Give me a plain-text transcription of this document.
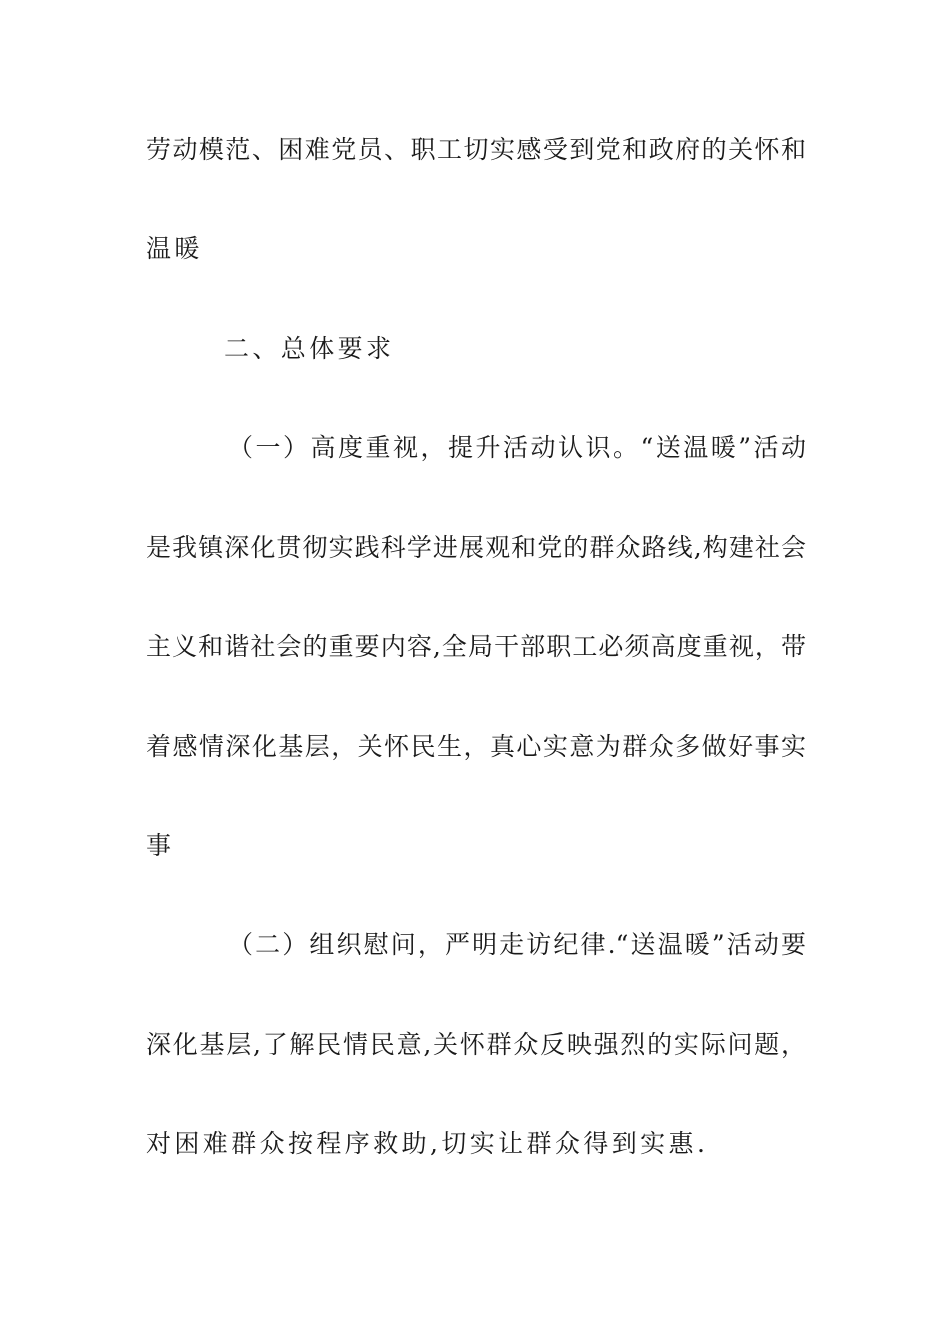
劳动模范、困难党员、职工切实感受到党和政府的关怀和
温暖
二、总体要求
（一）高度重视，提升活动认识。“送温暖”活动
是我镇深化贯彻实践科学进展观和党的群众路线,构建社会
主义和谐社会的重要内容,全局干部职工必须高度重视，带
着感情深化基层，关怀民生，真心实意为群众多做好事实
事
（二）组织慰问，严明走访纪律.“送温暖”活动要
深化基层,了解民情民意,关怀群众反映强烈的实际问题，
对困难群众按程序救助,切实让群众得到实惠.
